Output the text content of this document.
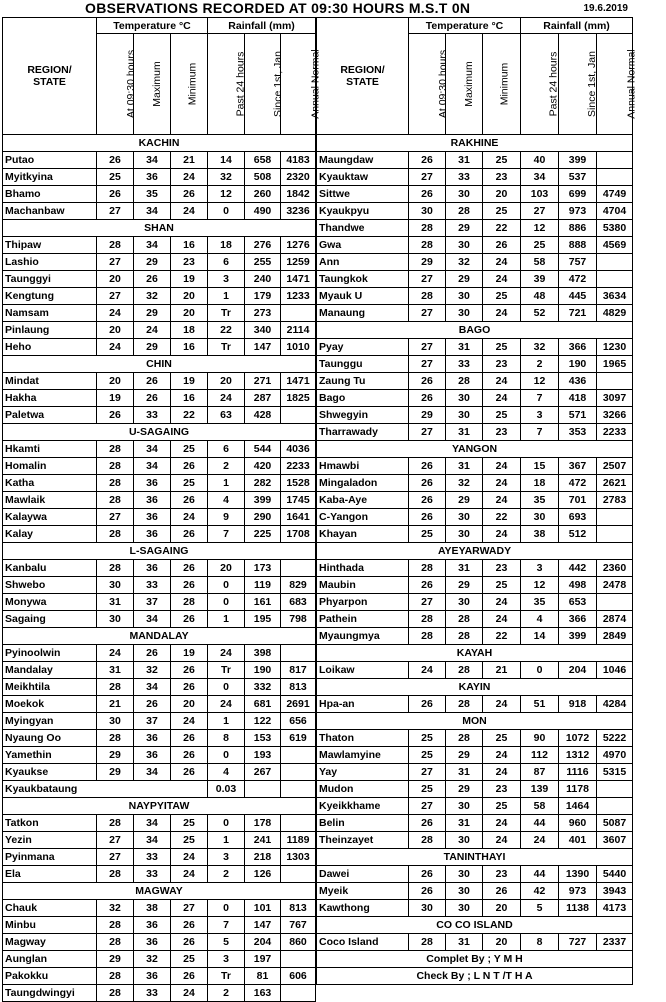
OBSERVATIONS RECORDED AT 09:30 HOURS M.S.T 0N	19.6.2019
REGION/ STATE	Temperature °C			Rainfall (mm)		
	At 09:30 hours	Maximum	Minimum	Past 24 hours	Since 1st, Jan	Annual Normal
KACHIN						
Putao	26	34	21	14	658	4183
Myitkyina	25	36	24	32	508	2320
Bhamo	26	35	26	12	260	1842
Machanbaw	27	34	24	0	490	3236
SHAN						
Thipaw	28	34	16	18	276	1276
Lashio	27	29	23	6	255	1259
Taunggyi	20	26	19	3	240	1471
Kengtung	27	32	20	1	179	1233
Namsam	24	29	20	Tr	273	
Pinlaung	20	24	18	22	340	2114
Heho	24	29	16	Tr	147	1010
CHIN						
Mindat	20	26	19	20	271	1471
Hakha	19	26	16	24	287	1825
Paletwa	26	33	22	63	428	
U-SAGAING						
Hkamti	28	34	25	6	544	4036
Homalin	28	34	26	2	420	2233
Katha	28	36	25	1	282	1528
Mawlaik	28	36	26	4	399	1745
Kalaywa	27	36	24	9	290	1641
Kalay	28	36	26	7	225	1708
L-SAGAING						
Kanbalu	28	36	26	20	173	
Shwebo	30	33	26	0	119	829
Monywa	31	37	28	0	161	683
Sagaing	30	34	26	1	195	798
MANDALAY						
Pyinoolwin	24	26	19	24	398	
Mandalay	31	32	26	Tr	190	817
Meikhtila	28	34	26	0	332	813
Moekok	21	26	20	24	681	2691
Myingyan	30	37	24	1	122	656
Nyaung Oo	28	36	26	8	153	619
Yamethin	29	36	26	0	193	
Kyaukse	29	34	26	4	267	
Kyaukbataung				0.03		
NAYPYITAW						
Tatkon	28	34	25	0	178	
Yezin	27	34	25	1	241	1189
Pyinmana	27	33	24	3	218	1303
Ela	28	33	24	2	126	
MAGWAY						
Chauk	32	38	27	0	101	813
Minbu	28	36	26	7	147	767
Magway	28	36	26	5	204	860
Aunglan	29	32	25	3	197	
Pakokku	28	36	26	Tr	81	606
Taungdwingyi	28	33	24	2	163	
REGION/ STATE	Temperature °C			Rainfall (mm)		
	At 09:30 hours	Maximum	Minimum	Past 24 hours	Since 1st, Jan	Annual Normal
RAKHINE						
Maungdaw	26	31	25	40	399	
Kyauktaw	27	33	23	34	537	
Sittwe	26	30	20	103	699	4749
Kyaukpyu	30	28	25	27	973	4704
Thandwe	28	29	22	12	886	5380
Gwa	28	30	26	25	888	4569
Ann	29	32	24	58	757	
Taungkok	27	29	24	39	472	
Myauk U	28	30	25	48	445	3634
Manaung	27	30	24	52	721	4829
BAGO						
Pyay	27	31	25	32	366	1230
Taunggu	27	33	23	2	190	1965
Zaung Tu	26	28	24	12	436	
Bago	26	30	24	7	418	3097
Shwegyin	29	30	25	3	571	3266
Tharrawady	27	31	23	7	353	2233
YANGON						
Hmawbi	26	31	24	15	367	2507
Mingaladon	26	32	24	18	472	2621
Kaba-Aye	26	29	24	35	701	2783
C-Yangon	26	30	22	30	693	
Khayan	25	30	24	38	512	
AYEYARWADY						
Hinthada	28	31	23	3	442	2360
Maubin	26	29	25	12	498	2478
Phyarpon	27	30	24	35	653	
Pathein	28	28	24	4	366	2874
Myaungmya	28	28	22	14	399	2849
KAYAH						
Loikaw	24	28	21	0	204	1046
KAYIN						
Hpa-an	26	28	24	51	918	4284
MON						
Thaton	25	28	25	90	1072	5222
Mawlamyine	25	29	24	112	1312	4970
Yay	27	31	24	87	1116	5315
Mudon	25	29	23	139	1178	
Kyeikkhame	27	30	25	58	1464	
Belin	26	31	24	44	960	5087
Theinzayet	28	30	24	24	401	3607
TANINTHAYI						
Dawei	26	30	23	44	1390	5440
Myeik	26	30	26	42	973	3943
Kawthong	30	30	20	5	1138	4173
CO CO ISLAND						
Coco Island	28	31	20	8	727	2337
Complet By ; Y M H						
Check By ; L N T /T H A						
